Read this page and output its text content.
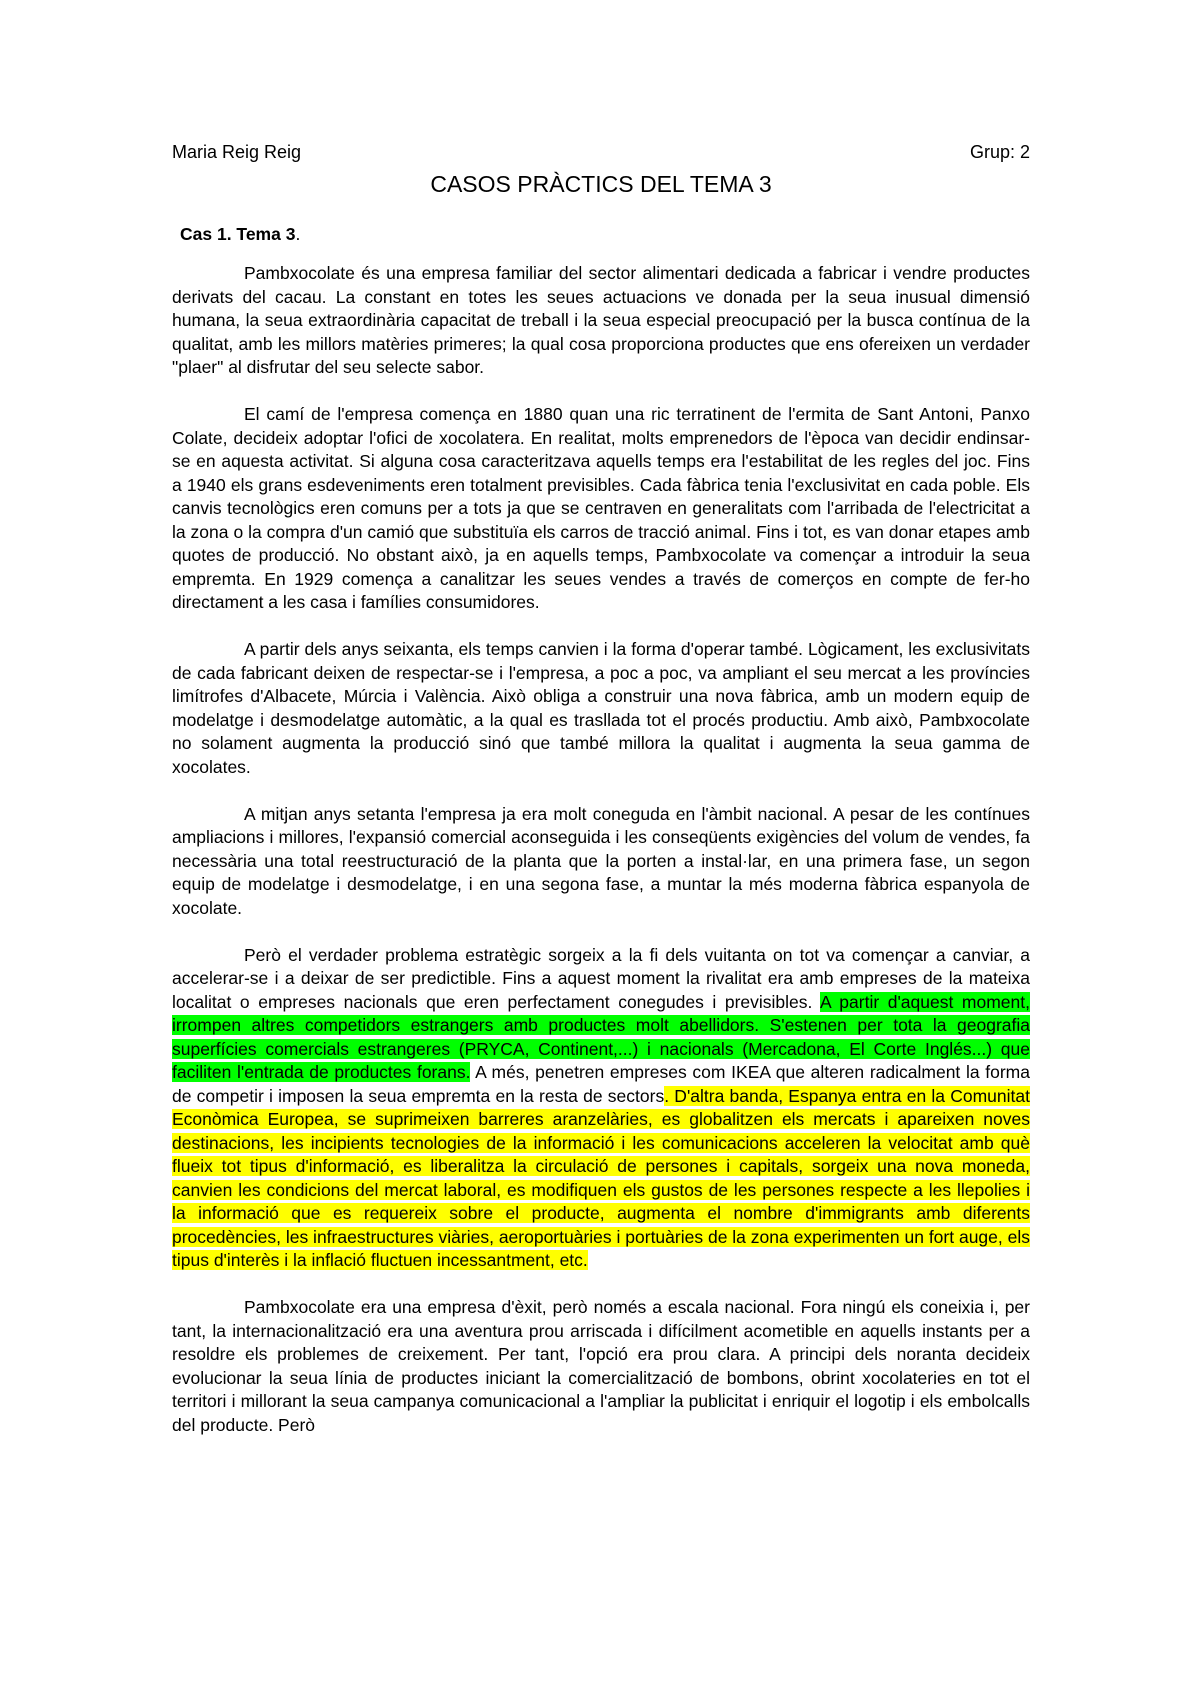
Maria Reig Reig	Grup: 2
CASOS PRÀCTICS DEL TEMA 3
Cas 1. Tema 3.

Pambxocolate és una empresa familiar del sector alimentari dedicada a fabricar i vendre productes derivats del cacau. La constant en totes les seues actuacions ve donada per la seua inusual dimensió humana, la seua extraordinària capacitat de treball i la seua especial preocupació per la busca contínua de la qualitat, amb les millors matèries primeres; la qual cosa proporciona productes que ens ofereixen un verdader "plaer" al disfrutar del seu selecte sabor.

El camí de l'empresa comença en 1880 quan una ric terratinent de l'ermita de Sant Antoni, Panxo Colate, decideix adoptar l'ofici de xocolatera. En realitat, molts emprenedors de l'època van decidir endinsar-se en aquesta activitat. Si alguna cosa caracteritzava aquells temps era l'estabilitat de les regles del joc. Fins a 1940 els grans esdeveniments eren totalment previsibles. Cada fàbrica tenia l'exclusivitat en cada poble. Els canvis tecnològics eren comuns per a tots ja que se centraven en generalitats com l'arribada de l'electricitat a la zona o la compra d'un camió que substituïa els carros de tracció animal. Fins i tot, es van donar etapes amb quotes de producció. No obstant això, ja en aquells temps, Pambxocolate va començar a introduir la seua empremta. En 1929 comença a canalitzar les seues vendes a través de comerços en compte de fer-ho directament a les casa i famílies consumidores.

A partir dels anys seixanta, els temps canvien i la forma d'operar també. Lògicament, les exclusivitats de cada fabricant deixen de respectar-se i l'empresa, a poc a poc, va ampliant el seu mercat a les províncies limítrofes d'Albacete, Múrcia i València. Això obliga a construir una nova fàbrica, amb un modern equip de modelatge i desmodelatge automàtic, a la qual es trasllada tot el procés productiu. Amb això, Pambxocolate no solament augmenta la producció sinó que també millora la qualitat i augmenta la seua gamma de xocolates.

A mitjan anys setanta l'empresa ja era molt coneguda en l'àmbit nacional. A pesar de les contínues ampliacions i millores, l'expansió comercial aconseguida i les conseqüents exigències del volum de vendes, fa necessària una total reestructuració de la planta que la porten a instal·lar, en una primera fase, un segon equip de modelatge i desmodelatge, i en una segona fase, a muntar la més moderna fàbrica espanyola de xocolate.

Però el verdader problema estratègic sorgeix a la fi dels vuitanta on tot va començar a canviar, a accelerar-se i a deixar de ser predictible. Fins a aquest moment la rivalitat era amb empreses de la mateixa localitat o empreses nacionals que eren perfectament conegudes i previsibles. A partir d'aquest moment, irrompen altres competidors estrangers amb productes molt abellidors. S'estenen per tota la geografia superfícies comercials estrangeres (PRYCA, Continent,...) i nacionals (Mercadona, El Corte Inglés...) que faciliten l'entrada de productes forans. A més, penetren empreses com IKEA que alteren radicalment la forma de competir i imposen la seua empremta en la resta de sectors. D'altra banda, Espanya entra en la Comunitat Econòmica Europea, se suprimeixen barreres aranzelàries, es globalitzen els mercats i apareixen noves destinacions, les incipients tecnologies de la informació i les comunicacions acceleren la velocitat amb què flueix tot tipus d'informació, es liberalitza la circulació de persones i capitals, sorgeix una nova moneda, canvien les condicions del mercat laboral, es modifiquen els gustos de les persones respecte a les llepolies i la informació que es requereix sobre el producte, augmenta el nombre d'immigrants amb diferents procedències, les infraestructures viàries, aeroportuàries i portuàries de la zona experimenten un fort auge, els tipus d'interès i la inflació fluctuen incessantment, etc.

Pambxocolate era una empresa d'èxit, però només a escala nacional. Fora ningú els coneixia i, per tant, la internacionalització era una aventura prou arriscada i difícilment acometible en aquells instants per a resoldre els problemes de creixement. Per tant, l'opció era prou clara. A principi dels noranta decideix evolucionar la seua línia de productes iniciant la comercialització de bombons, obrint xocolateries en tot el territori i millorant la seua campanya comunicacional a l'ampliar la publicitat i enriquir el logotip i els embolcalls del producte. Però
